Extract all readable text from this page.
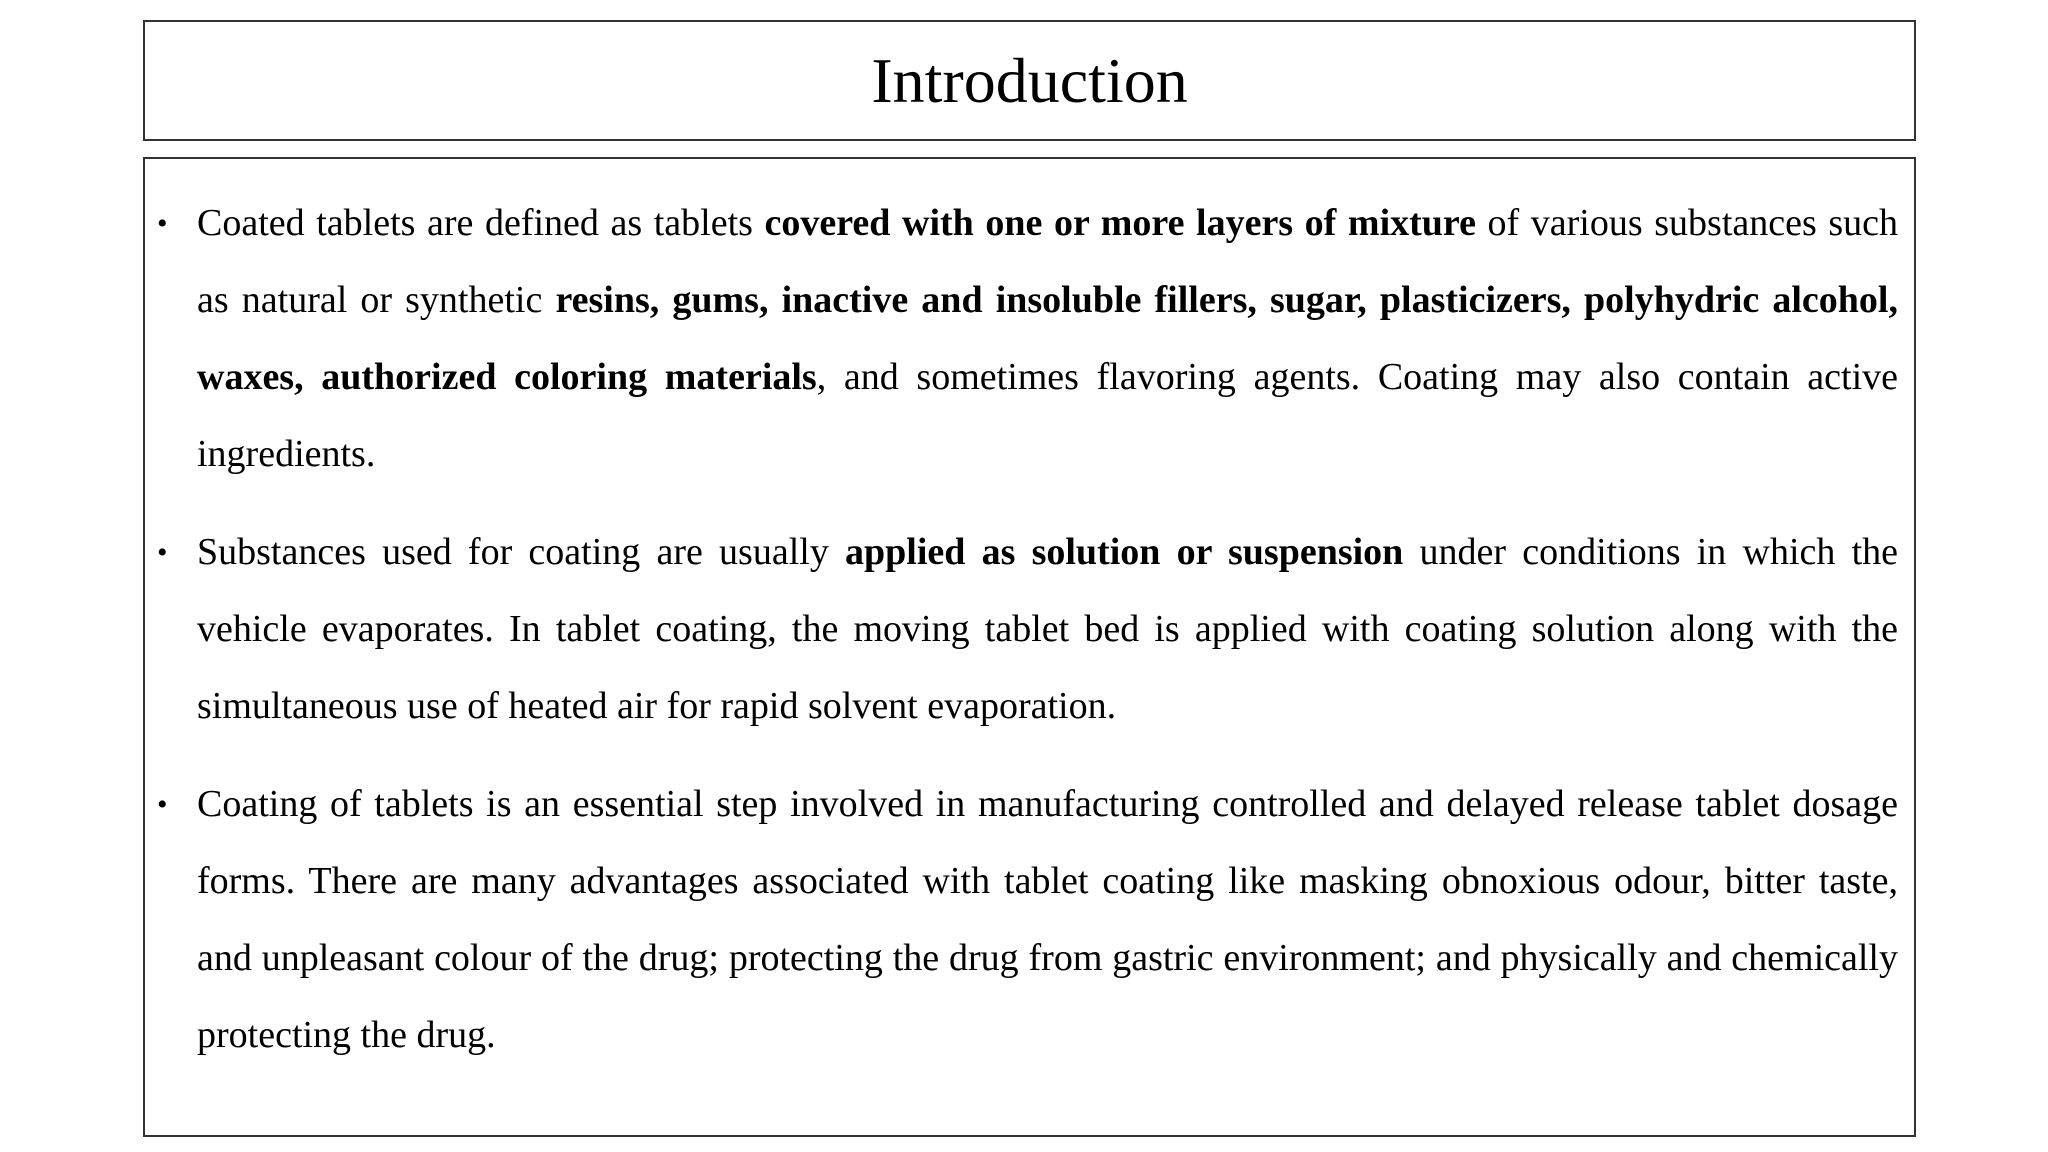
Introduction
• Coated tablets are defined as tablets covered with one or more layers of mixture of various substances such as natural or synthetic resins, gums, inactive and insoluble fillers, sugar, plasticizers, polyhydric alcohol, waxes, authorized coloring materials, and sometimes flavoring agents. Coating may also contain active ingredients.
• Substances used for coating are usually applied as solution or suspension under conditions in which the vehicle evaporates. In tablet coating, the moving tablet bed is applied with coating solution along with the simultaneous use of heated air for rapid solvent evaporation.
• Coating of tablets is an essential step involved in manufacturing controlled and delayed release tablet dosage forms. There are many advantages associated with tablet coating like masking obnoxious odour, bitter taste, and unpleasant colour of the drug; protecting the drug from gastric environment; and physically and chemically protecting the drug.
